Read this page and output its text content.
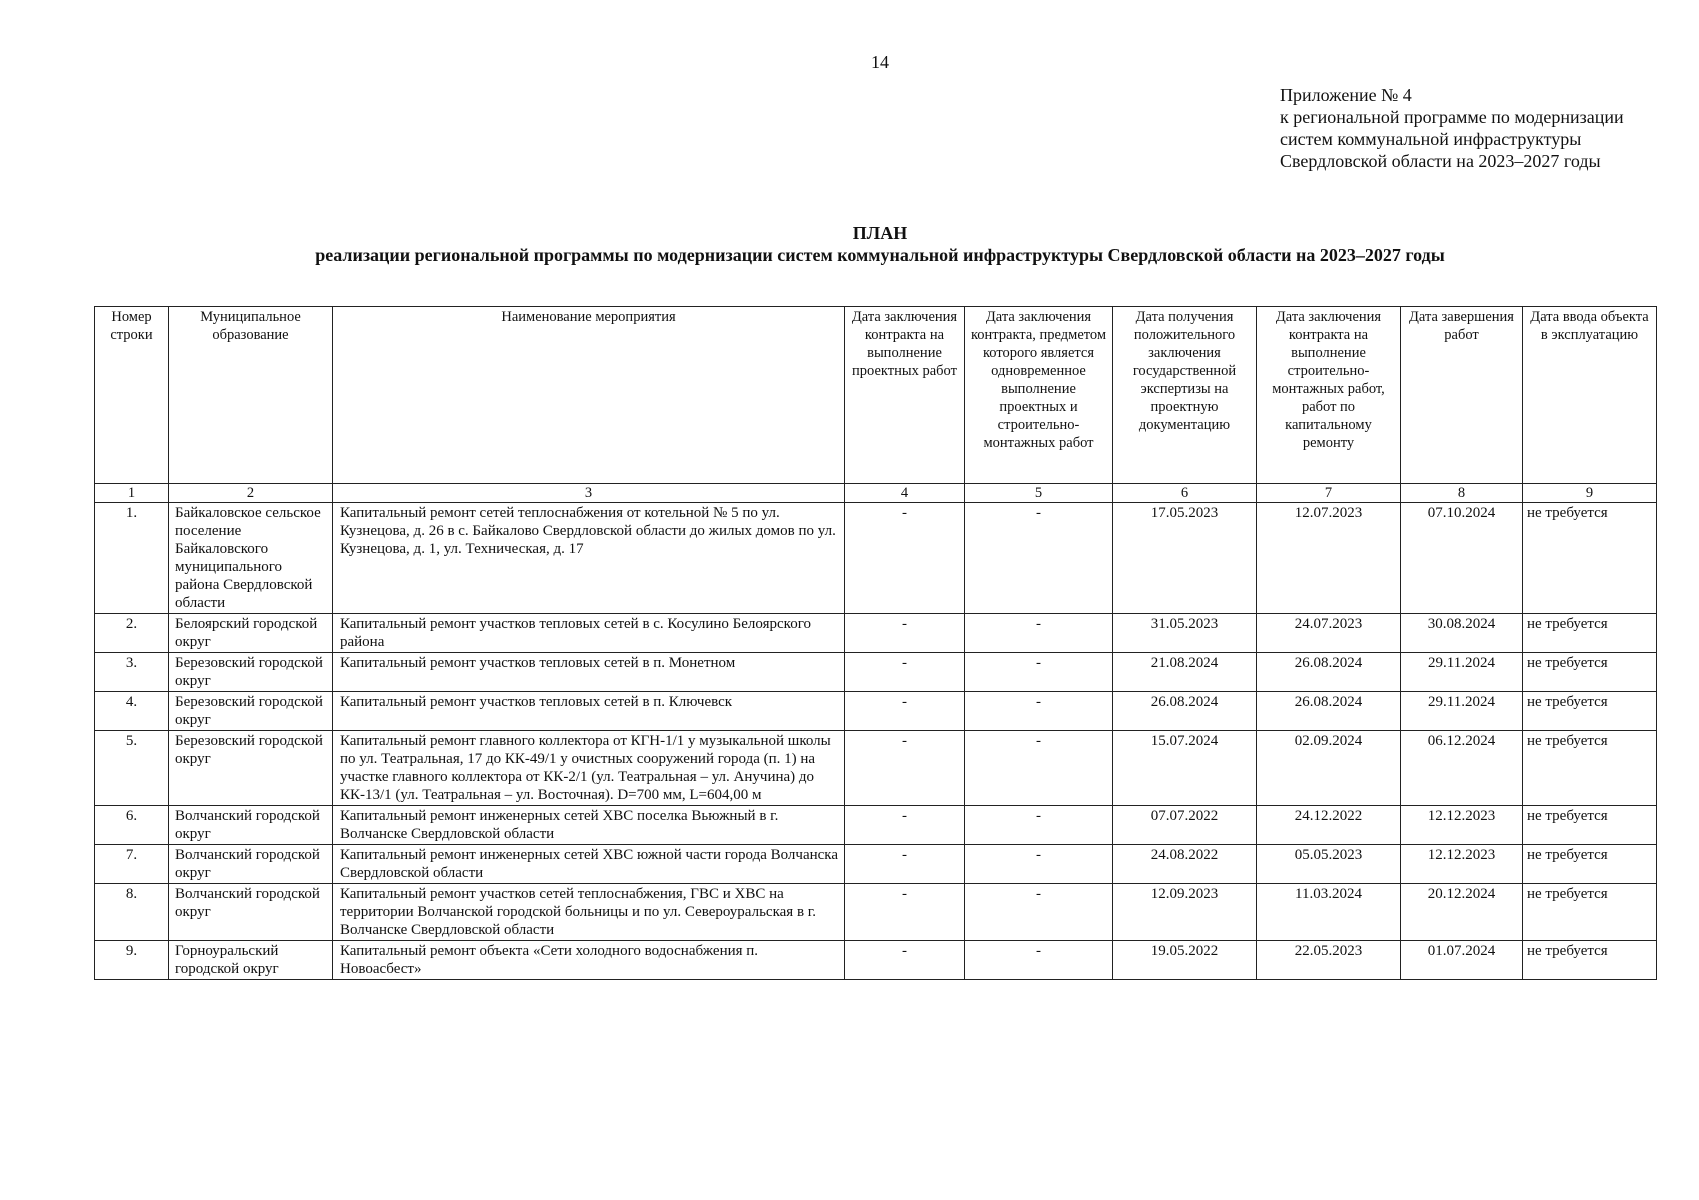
14
Приложение № 4
к региональной программе по модернизации
систем коммунальной инфраструктуры
Свердловской области на 2023–2027 годы
ПЛАН
реализации региональной программы по модернизации систем коммунальной инфраструктуры Свердловской области на 2023–2027 годы
Номер строки	Муниципальное образование	Наименование мероприятия	Дата заключения контракта на выполнение проектных работ	Дата заключения контракта, предметом которого является одновременное выполнение проектных и строительно-монтажных работ	Дата получения положительного заключения государственной экспертизы на проектную документацию	Дата заключения контракта на выполнение строительно-монтажных работ, работ по капитальному ремонту	Дата завершения работ	Дата ввода объекта в эксплуатацию
1	2	3	4	5	6	7	8	9
1.	Байкаловское сельское поселение Байкаловского муниципального района Свердловской области	Капитальный ремонт сетей теплоснабжения от котельной № 5 по ул. Кузнецова, д. 26 в с. Байкалово Свердловской области до жилых домов по ул. Кузнецова, д. 1, ул. Техническая, д. 17	-	-	17.05.2023	12.07.2023	07.10.2024	не требуется
2.	Белоярский городской округ	Капитальный ремонт участков тепловых сетей в с. Косулино Белоярского района	-	-	31.05.2023	24.07.2023	30.08.2024	не требуется
3.	Березовский городской округ	Капитальный ремонт участков тепловых сетей в п. Монетном	-	-	21.08.2024	26.08.2024	29.11.2024	не требуется
4.	Березовский городской округ	Капитальный ремонт участков тепловых сетей в п. Ключевск	-	-	26.08.2024	26.08.2024	29.11.2024	не требуется
5.	Березовский городской округ	Капитальный ремонт главного коллектора от КГН-1/1 у музыкальной школы по ул. Театральная, 17 до КК-49/1 у очистных сооружений города (п. 1) на участке главного коллектора от КК-2/1 (ул. Театральная – ул. Анучина) до КК-13/1 (ул. Театральная – ул. Восточная). D=700 мм, L=604,00 м	-	-	15.07.2024	02.09.2024	06.12.2024	не требуется
6.	Волчанский городской округ	Капитальный ремонт инженерных сетей ХВС поселка Вьюжный в г. Волчанске Свердловской области	-	-	07.07.2022	24.12.2022	12.12.2023	не требуется
7.	Волчанский городской округ	Капитальный ремонт инженерных сетей ХВС южной части города Волчанска Свердловской области	-	-	24.08.2022	05.05.2023	12.12.2023	не требуется
8.	Волчанский городской округ	Капитальный ремонт участков сетей теплоснабжения, ГВС и ХВС на территории Волчанской городской больницы и по ул. Североуральская в г. Волчанске Свердловской области	-	-	12.09.2023	11.03.2024	20.12.2024	не требуется
9.	Горноуральский городской округ	Капитальный ремонт объекта «Сети холодного водоснабжения п. Новоасбест»	-	-	19.05.2022	22.05.2023	01.07.2024	не требуется
